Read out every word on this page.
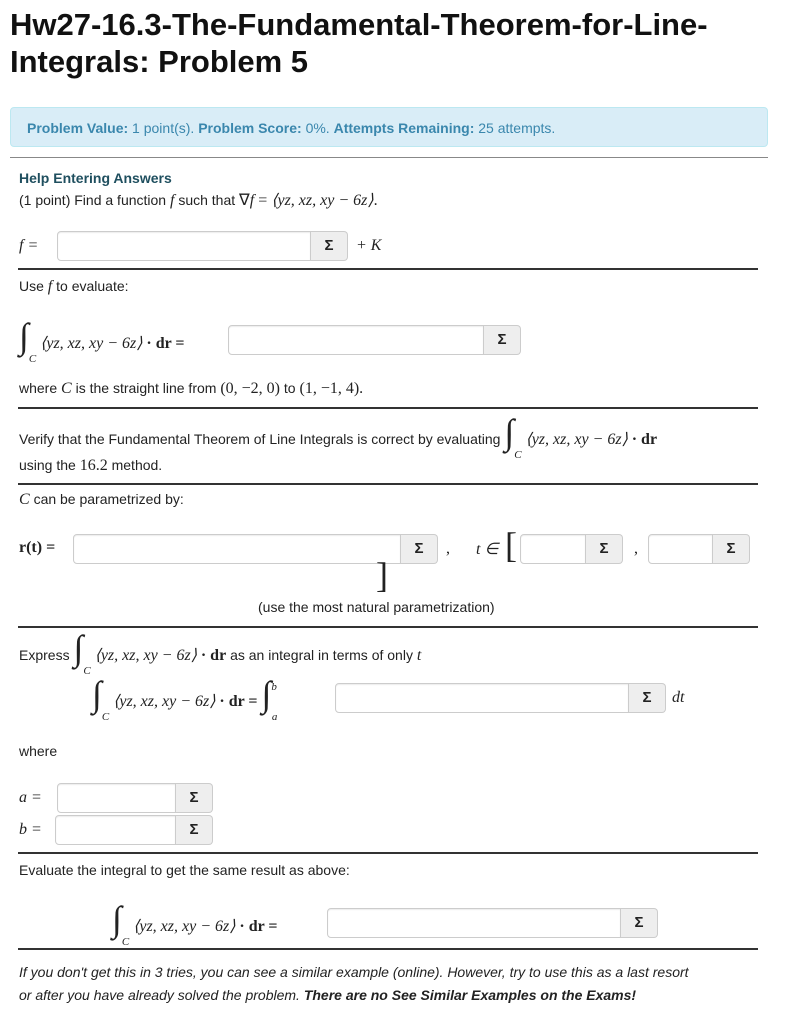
Hw27-16.3-The-Fundamental-Theorem-for-Line-Integrals: Problem 5
Problem Value: 1 point(s). Problem Score: 0%. Attempts Remaining: 25 attempts.
Help Entering Answers
(1 point) Find a function f such that ∇f = ⟨yz, xz, xy − 6z⟩.
f =	Σ	+ K
Use f to evaluate:
$\int_C$ ⟨yz, xz, xy − 6z⟩ · dr =	Σ
where C is the straight line from (0, −2, 0) to (1, −1, 4).
Verify that the Fundamental Theorem of Line Integrals is correct by evaluating $\int_C$ ⟨yz, xz, xy − 6z⟩ · dr
using the 16.2 method.
C can be parametrized by:
r(t) =	Σ	, t ∈ [	Σ	,	Σ
]
(use the most natural parametrization)
Express $\int_C$ ⟨yz, xz, xy − 6z⟩ · dr as an integral in terms of only t
$\int_C$ ⟨yz, xz, xy − 6z⟩ · dr = ∫$^b_a$
Σ	dt
where
a =	Σ
b =	Σ
Evaluate the integral to get the same result as above:
$\int_C$ ⟨yz, xz, xy − 6z⟩ · dr =	Σ
If you don't get this in 3 tries, you can see a similar example (online). However, try to use this as a last resort
or after you have already solved the problem. There are no See Similar Examples on the Exams!
